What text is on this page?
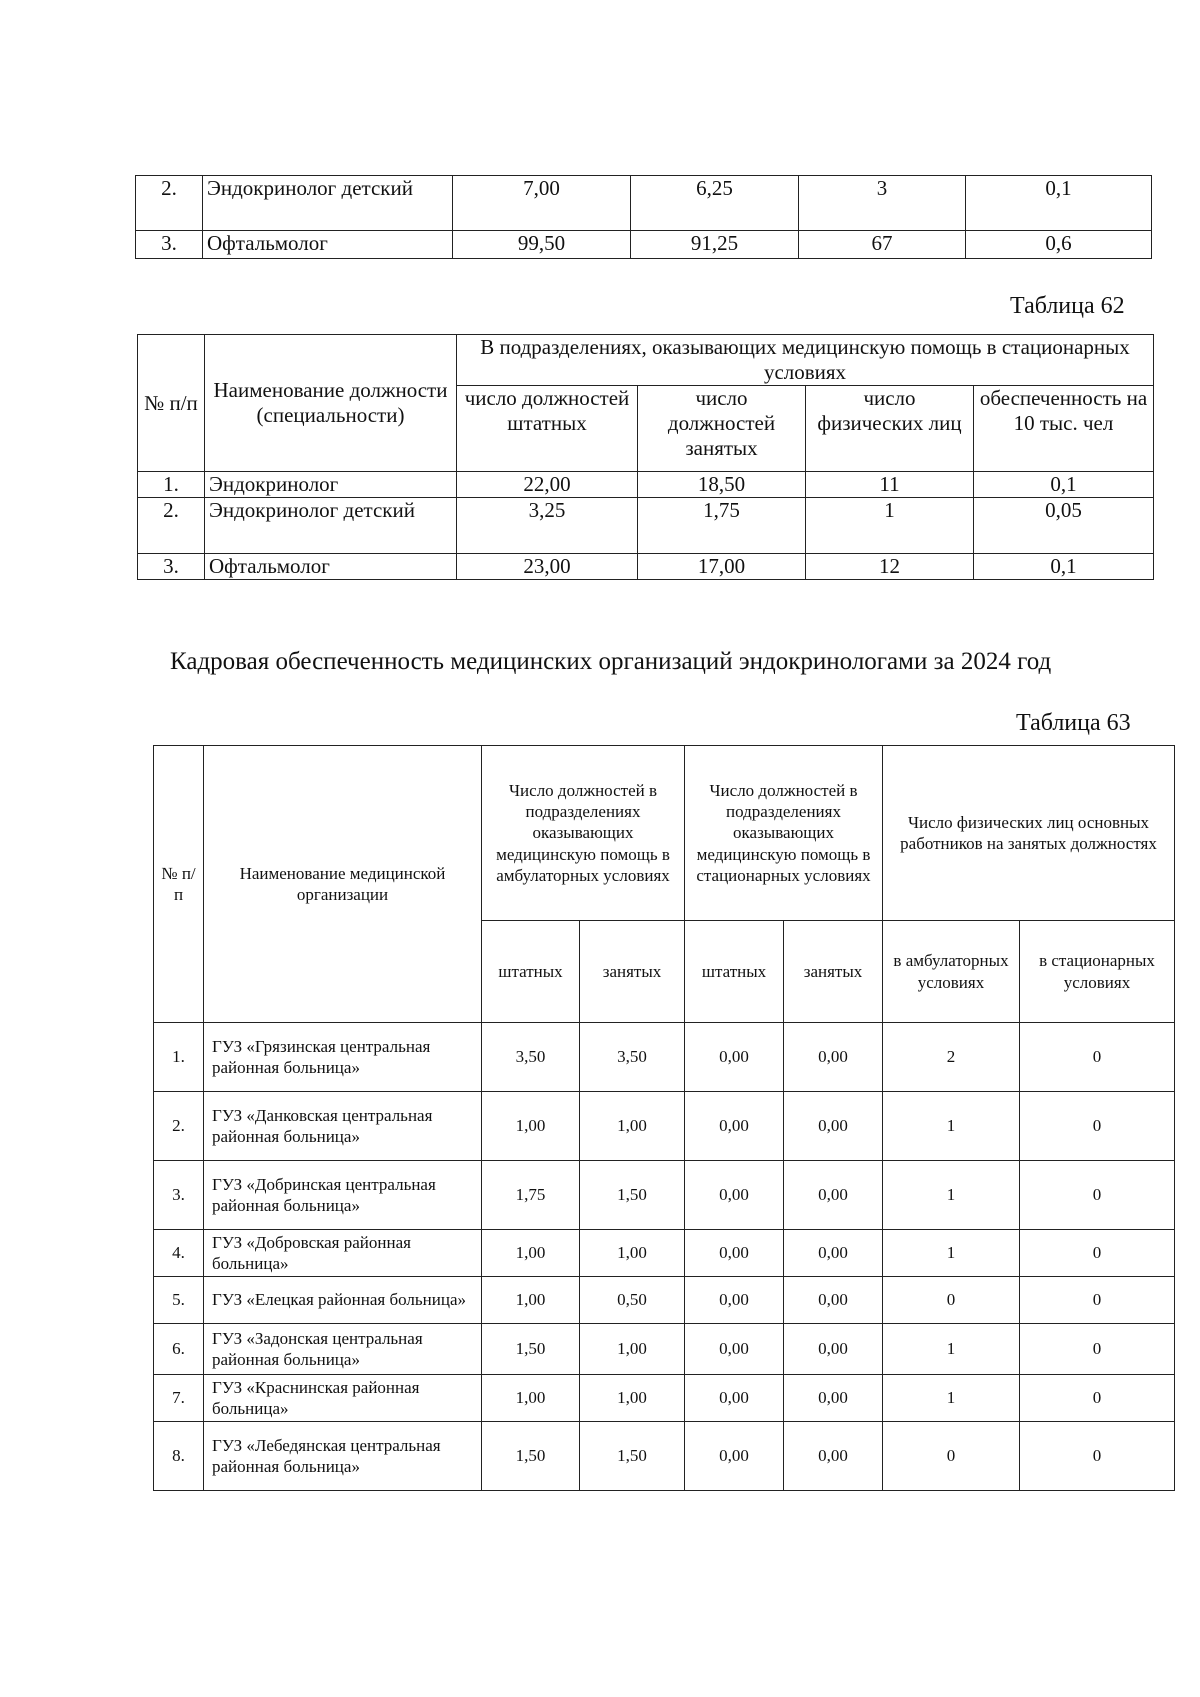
2.	Эндокринолог детский	7,00	6,25	3	0,1
3.	Офтальмолог	99,50	91,25	67	0,6
Таблица 62
№ п/п	Наименование должности (специальности)	В подразделениях, оказывающих медицинскую помощь в стационарных условиях			
		число должностей штатных	число должностей занятых	число физических лиц	обеспеченность на 10 тыс. чел
1.	Эндокринолог	22,00	18,50	11	0,1
2.	Эндокринолог детский	3,25	1,75	1	0,05
3.	Офтальмолог	23,00	17,00	12	0,1
Кадровая обеспеченность медицинских организаций эндокринологами за 2024 год
Таблица 63
№ п/п	Наименование медицинской организации	Число должностей в подразделениях оказывающих медицинскую помощь в амбулаторных условиях		Число должностей в подразделениях оказывающих медицинскую помощь в стационарных условиях		Число физических лиц основных работников на занятых должностях	
		штатных	занятых	штатных	занятых	в амбулаторных условиях	в стационарных условиях
1.	ГУЗ «Грязинская центральная районная больница»	3,50	3,50	0,00	0,00	2	0
2.	ГУЗ «Данковская центральная районная больница»	1,00	1,00	0,00	0,00	1	0
3.	ГУЗ «Добринская центральная районная больница»	1,75	1,50	0,00	0,00	1	0
4.	ГУЗ «Добровская районная больница»	1,00	1,00	0,00	0,00	1	0
5.	ГУЗ «Елецкая районная больница»	1,00	0,50	0,00	0,00	0	0
6.	ГУЗ «Задонская центральная районная больница»	1,50	1,00	0,00	0,00	1	0
7.	ГУЗ «Краснинская районная больница»	1,00	1,00	0,00	0,00	1	0
8.	ГУЗ «Лебедянская центральная районная больница»	1,50	1,50	0,00	0,00	0	0
